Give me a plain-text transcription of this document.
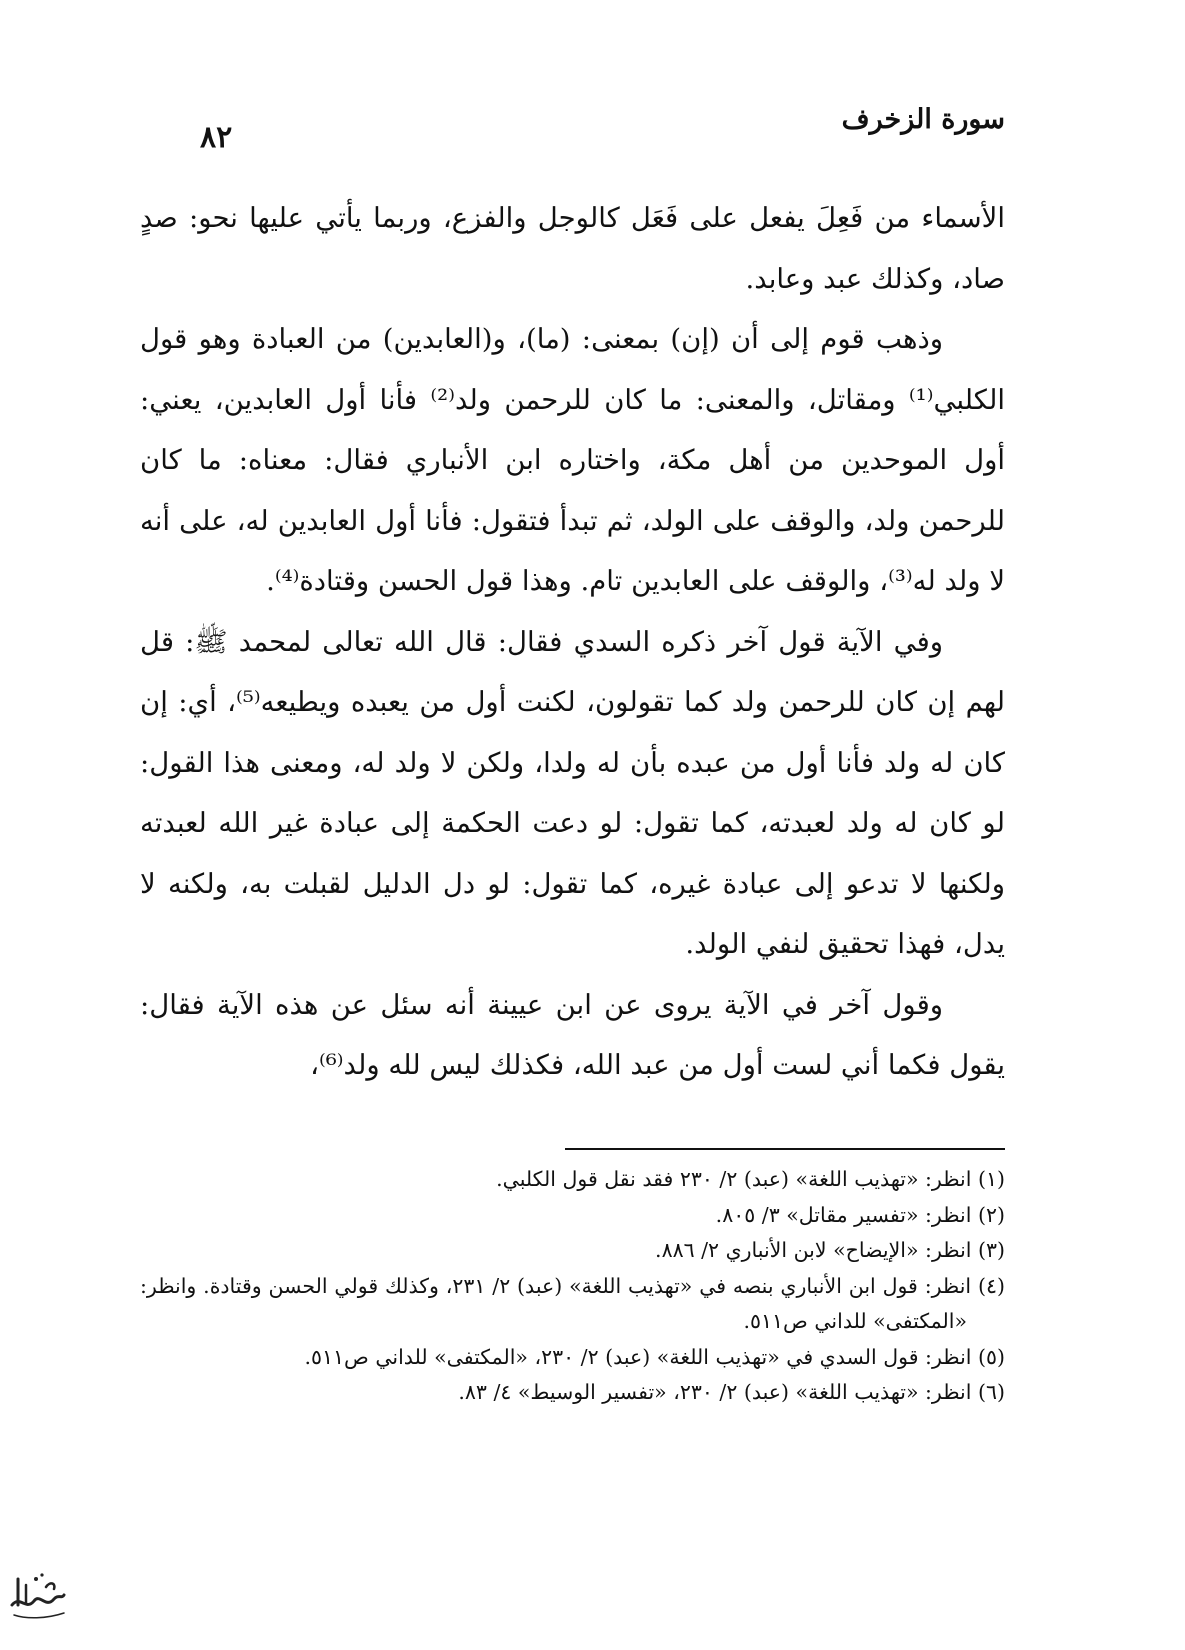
سورة الزخرف
٨٢

الأسماء من فَعِلَ يفعل على فَعَل كالوجل والفزع، وربما يأتي عليها نحو: صدٍ صاد، وكذلك عبد وعابد.

وذهب قوم إلى أن (إن) بمعنى: (ما)، و(العابدين) من العبادة وهو قول الكلبي⁽¹⁾ ومقاتل، والمعنى: ما كان للرحمن ولد⁽²⁾ فأنا أول العابدين، يعني: أول الموحدين من أهل مكة، واختاره ابن الأنباري فقال: معناه: ما كان للرحمن ولد، والوقف على الولد، ثم تبدأ فتقول: فأنا أول العابدين له، على أنه لا ولد له⁽³⁾، والوقف على العابدين تام. وهذا قول الحسن وقتادة⁽⁴⁾.

وفي الآية قول آخر ذكره السدي فقال: قال الله تعالى لمحمد ﷺ: قل لهم إن كان للرحمن ولد كما تقولون، لكنت أول من يعبده ويطيعه⁽⁵⁾، أي: إن كان له ولد فأنا أول من عبده بأن له ولدا، ولكن لا ولد له، ومعنى هذا القول: لو كان له ولد لعبدته، كما تقول: لو دعت الحكمة إلى عبادة غير الله لعبدته ولكنها لا تدعو إلى عبادة غيره، كما تقول: لو دل الدليل لقبلت به، ولكنه لا يدل، فهذا تحقيق لنفي الولد.

وقول آخر في الآية يروى عن ابن عيينة أنه سئل عن هذه الآية فقال: يقول فكما أني لست أول من عبد الله، فكذلك ليس لله ولد⁽⁶⁾،

(١) انظر: «تهذيب اللغة» (عبد) ٢/ ٢٣٠ فقد نقل قول الكلبي.

(٢) انظر: «تفسير مقاتل» ٣/ ٨٠٥.

(٣) انظر: «الإيضاح» لابن الأنباري ٢/ ٨٨٦.

(٤) انظر: قول ابن الأنباري بنصه في «تهذيب اللغة» (عبد) ٢/ ٢٣١، وكذلك قولي الحسن وقتادة. وانظر: «المكتفى» للداني ص٥١١.

(٥) انظر: قول السدي في «تهذيب اللغة» (عبد) ٢/ ٢٣٠، «المكتفى» للداني ص٥١١.

(٦) انظر: «تهذيب اللغة» (عبد) ٢/ ٢٣٠، «تفسير الوسيط» ٤/ ٨٣.
